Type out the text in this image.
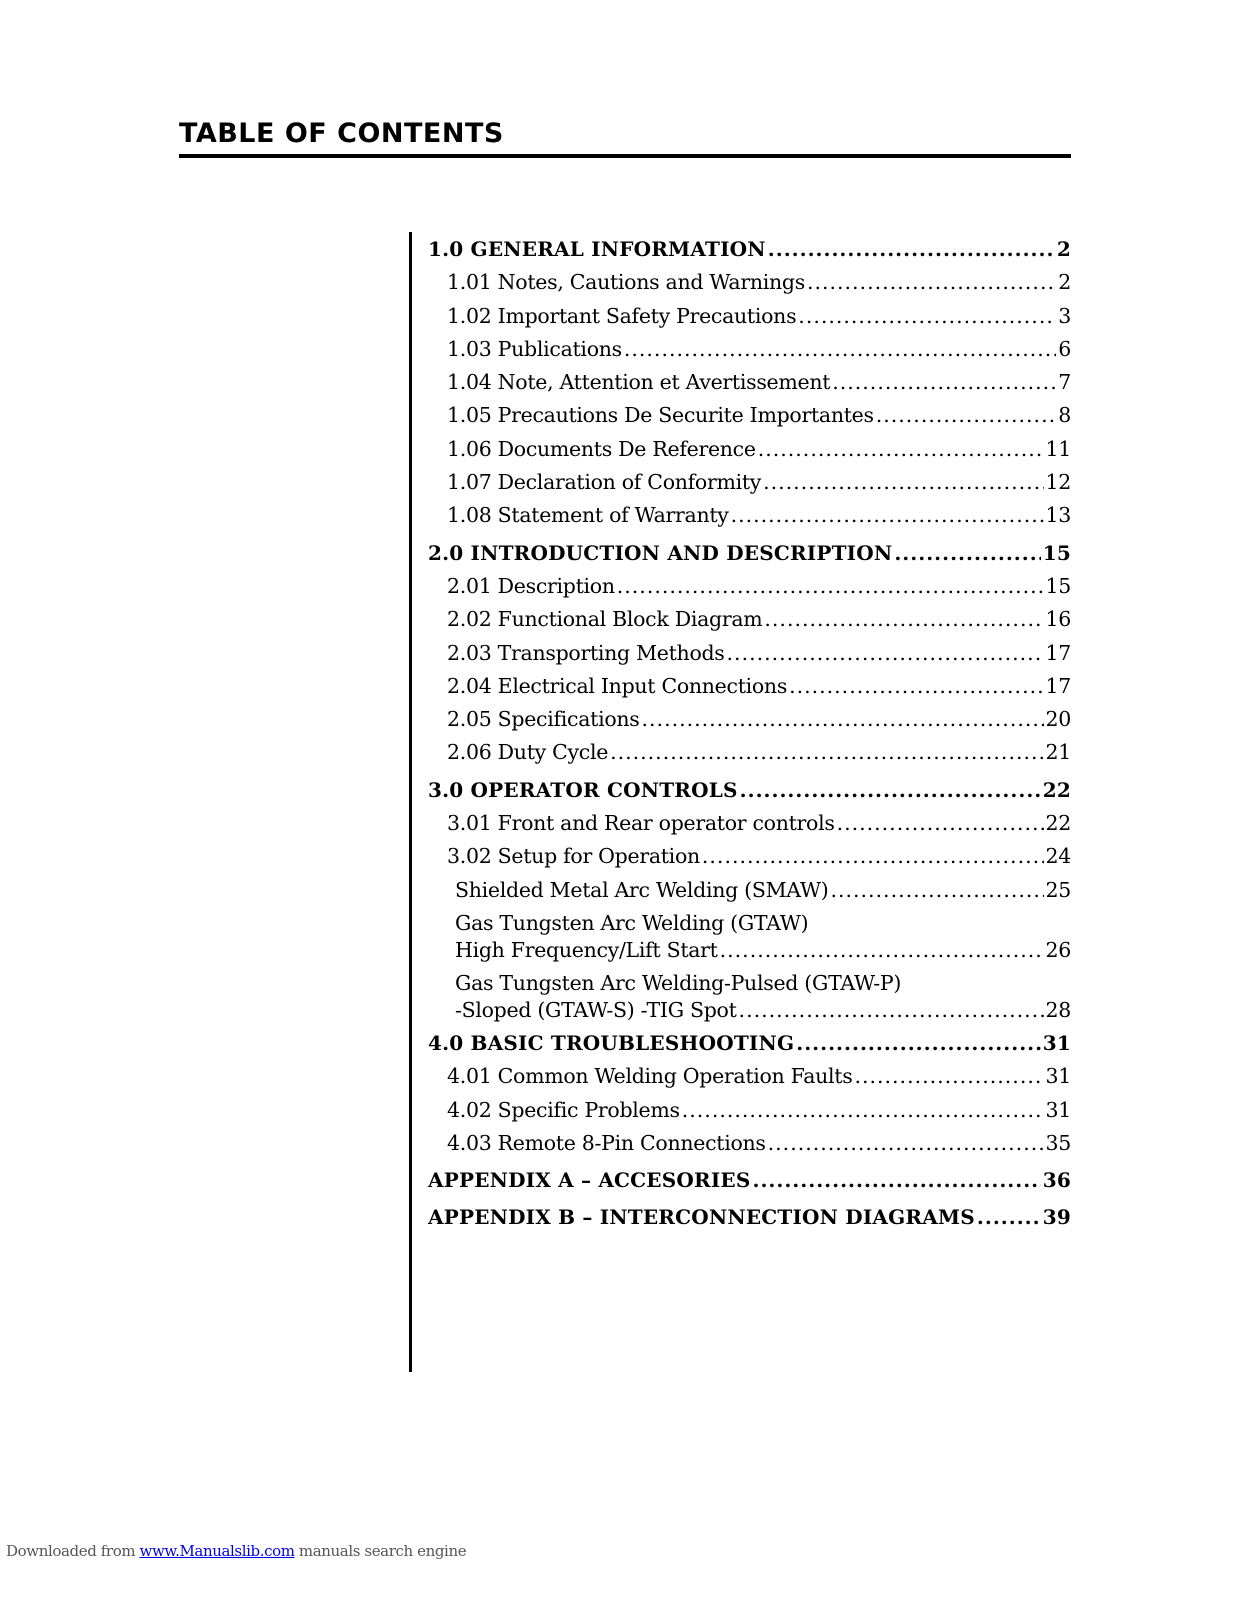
TABLE OF CONTENTS
1.0 GENERAL INFORMATION .....	2
1.01 Notes, Cautions and Warnings .....	2
1.02 Important Safety Precautions .....	3
1.03 Publications .....	6
1.04 Note, Attention et Avertissement .....	7
1.05 Precautions De Securite Importantes .....	8
1.06 Documents De Reference .....	11
1.07 Declaration of Conformity .....	12
1.08 Statement of Warranty .....	13
2.0 INTRODUCTION AND DESCRIPTION .....	15
2.01 Description .....	15
2.02 Functional Block Diagram .....	16
2.03 Transporting Methods .....	17
2.04 Electrical Input Connections .....	17
2.05 Specifications .....	20
2.06 Duty Cycle .....	21
3.0 OPERATOR CONTROLS .....	22
3.01 Front and Rear operator controls .....	22
3.02 Setup for Operation .....	24
Shielded Metal Arc Welding (SMAW) .....	25
Gas Tungsten Arc Welding (GTAW)
High Frequency/Lift Start .....	26
Gas Tungsten Arc Welding-Pulsed (GTAW-P)
-Sloped (GTAW-S) -TIG Spot .....	28
4.0 BASIC TROUBLESHOOTING .....	31
4.01 Common Welding Operation Faults .....	31
4.02 Specific Problems .....	31
4.03 Remote 8-Pin Connections .....	35
APPENDIX A – ACCESORIES .....	36
APPENDIX B – INTERCONNECTION DIAGRAMS .....	39
Downloaded from www.Manualslib.com manuals search engine
